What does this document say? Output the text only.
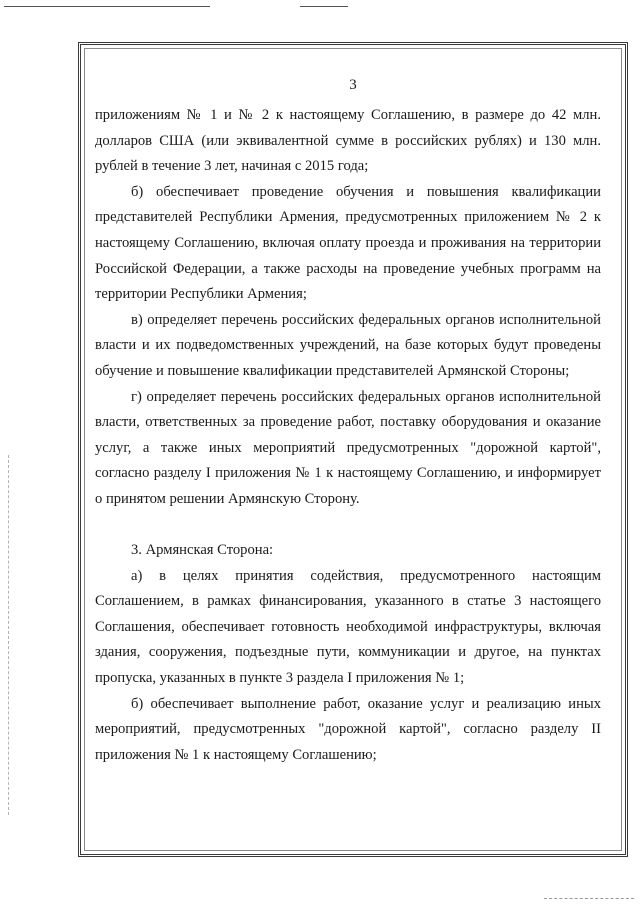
3

приложениям № 1 и № 2 к настоящему Соглашению, в размере до 42 млн. долларов США (или эквивалентной сумме в российских рублях) и 130 млн. рублей в течение 3 лет, начиная с 2015 года;

б) обеспечивает проведение обучения и повышения квалификации представителей Республики Армения, предусмотренных приложением № 2 к настоящему Соглашению, включая оплату проезда и проживания на территории Российской Федерации, а также расходы на проведение учебных программ на территории Республики Армения;

в) определяет перечень российских федеральных органов исполнительной власти и их подведомственных учреждений, на базе которых будут проведены обучение и повышение квалификации представителей Армянской Стороны;

г) определяет перечень российских федеральных органов исполнительной власти, ответственных за проведение работ, поставку оборудования и оказание услуг, а также иных мероприятий предусмотренных "дорожной картой", согласно разделу I приложения № 1 к настоящему Соглашению, и информирует о принятом решении Армянскую Сторону.

3. Армянская Сторона:

а) в целях принятия содействия, предусмотренного настоящим Соглашением, в рамках финансирования, указанного в статье 3 настоящего Соглашения, обеспечивает готовность необходимой инфраструктуры, включая здания, сооружения, подъездные пути, коммуникации и другое, на пунктах пропуска, указанных в пункте 3 раздела I приложения № 1;

б) обеспечивает выполнение работ, оказание услуг и реализацию иных мероприятий, предусмотренных "дорожной картой", согласно разделу II приложения № 1 к настоящему Соглашению;
